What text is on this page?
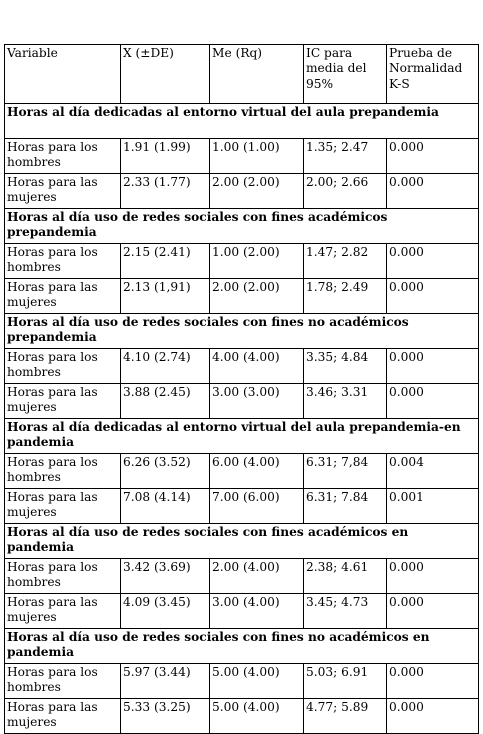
Variable	X (±DE)	Me (Rq)	IC para media del 95%	Prueba de Normalidad K-S
Horas al día dedicadas al entorno virtual del aula prepandemia				
Horas para los hombres	1.91 (1.99)	1.00 (1.00)	1.35; 2.47	0.000
Horas para las mujeres	2.33 (1.77)	2.00 (2.00)	2.00; 2.66	0.000
Horas al día uso de redes sociales con fines académicos prepandemia				
Horas para los hombres	2.15 (2.41)	1.00 (2.00)	1.47; 2.82	0.000
Horas para las mujeres	2.13 (1,91)	2.00 (2.00)	1.78; 2.49	0.000
Horas al día uso de redes sociales con fines no académicos prepandemia				
Horas para los hombres	4.10 (2.74)	4.00 (4.00)	3.35; 4.84	0.000
Horas para las mujeres	3.88 (2.45)	3.00 (3.00)	3.46; 3.31	0.000
Horas al día dedicadas al entorno virtual del aula prepandemia-en pandemia				
Horas para los hombres	6.26 (3.52)	6.00 (4.00)	6.31; 7,84	0.004
Horas para las mujeres	7.08 (4.14)	7.00 (6.00)	6.31; 7.84	0.001
Horas al día uso de redes sociales con fines académicos en pandemia				
Horas para los hombres	3.42 (3.69)	2.00 (4.00)	2.38; 4.61	0.000
Horas para las mujeres	4.09 (3.45)	3.00 (4.00)	3.45; 4.73	0.000
Horas al día uso de redes sociales con fines no académicos en pandemia				
Horas para los hombres	5.97 (3.44)	5.00 (4.00)	5.03; 6.91	0.000
Horas para las mujeres	5.33 (3.25)	5.00 (4.00)	4.77; 5.89	0.000
